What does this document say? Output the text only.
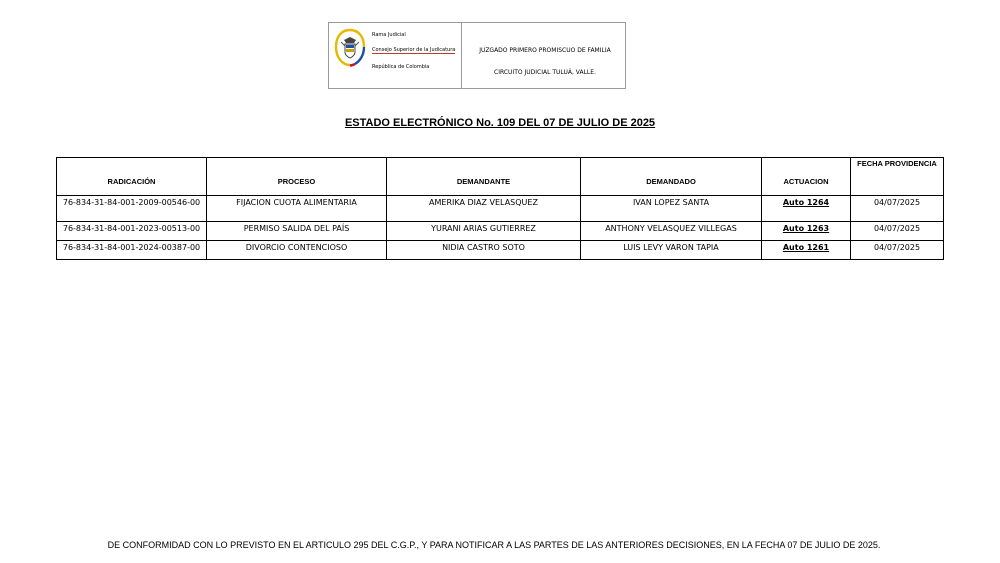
Rama Judicial
Consejo Superior de la Judicatura
República de Colombia
JUZGADO PRIMERO PROMISCUO DE FAMILIA
CIRCUITO JUDICIAL TULUÁ, VALLE.
ESTADO ELECTRÓNICO No. 109 DEL 07 DE JULIO DE 2025
RADICACIÓN	PROCESO	DEMANDANTE	DEMANDADO	ACTUACION	FECHA PROVIDENCIA
76-834-31-84-001-2009-00546-00	FIJACION CUOTA ALIMENTARIA	AMERIKA DIAZ VELASQUEZ	IVAN LOPEZ SANTA	Auto 1264	04/07/2025
76-834-31-84-001-2023-00513-00	PERMISO SALIDA DEL PAÍS	YURANI ARIAS GUTIERREZ	ANTHONY VELASQUEZ VILLEGAS	Auto 1263	04/07/2025
76-834-31-84-001-2024-00387-00	DIVORCIO CONTENCIOSO	NIDIA CASTRO SOTO	LUIS LEVY VARON TAPIA	Auto 1261	04/07/2025
DE CONFORMIDAD CON LO PREVISTO EN EL ARTICULO 295 DEL C.G.P., Y PARA NOTIFICAR A LAS PARTES DE LAS ANTERIORES DECISIONES, EN LA FECHA 07 DE JULIO DE 2025.
